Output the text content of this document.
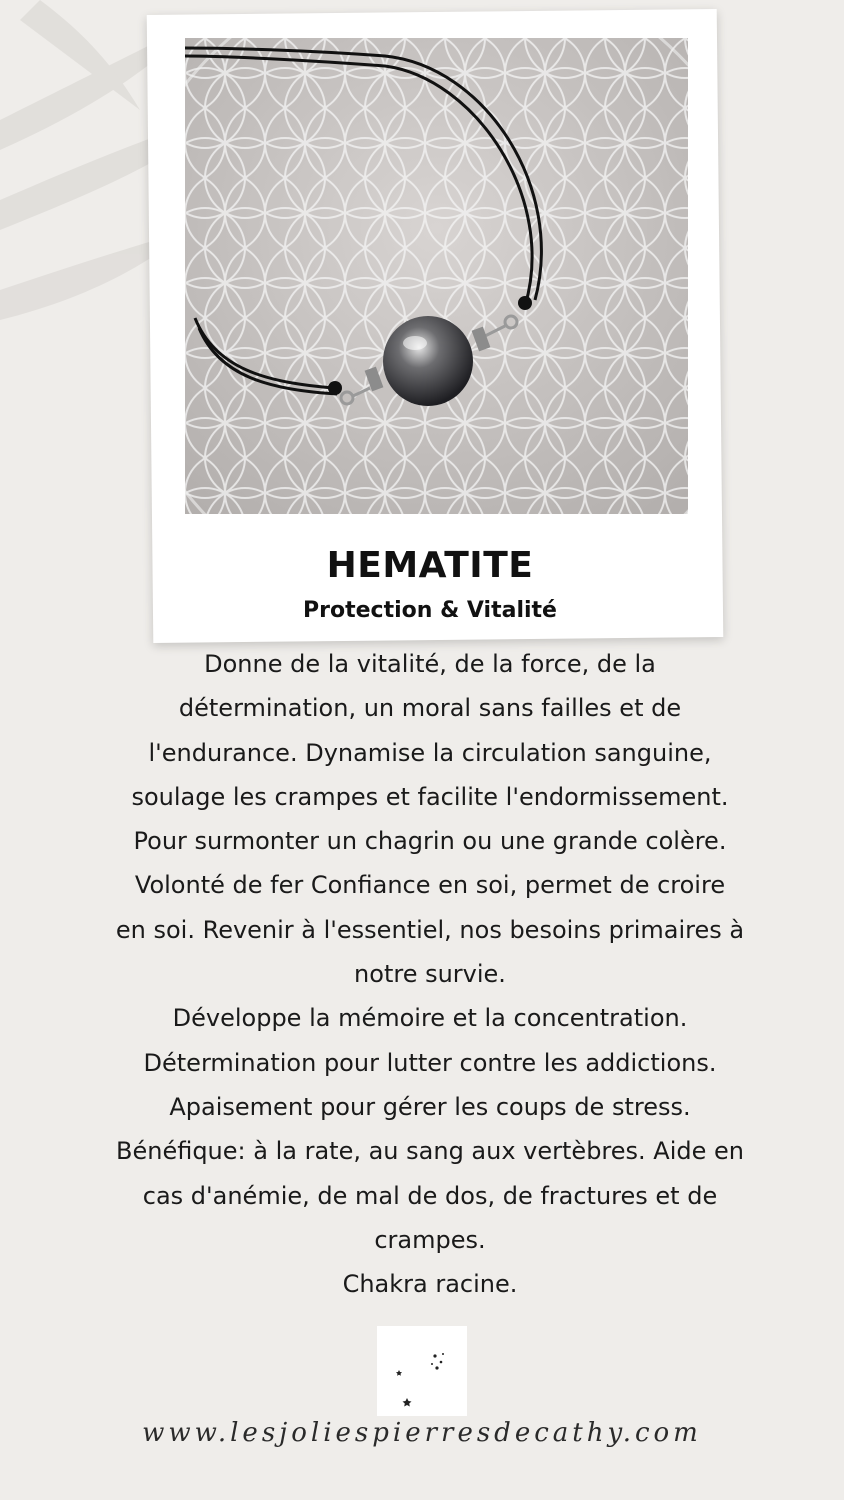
HEMATITE
Protection & Vitalité
Donne de la vitalité, de la force, de la
détermination, un moral sans failles et de
l'endurance. Dynamise la circulation sanguine,
soulage les crampes et facilite l'endormissement.
Pour surmonter un chagrin ou une grande colère.
Volonté de fer Confiance en soi, permet de croire
en soi. Revenir à l'essentiel, nos besoins primaires à
notre survie.
Développe la mémoire et la concentration.
Détermination pour lutter contre les addictions.
Apaisement pour gérer les coups de stress.
Bénéfique: à la rate, au sang aux vertèbres. Aide en
cas d'anémie, de mal de dos, de fractures et de
crampes.
Chakra racine.
www.lesjoliespierresdecathy.com
